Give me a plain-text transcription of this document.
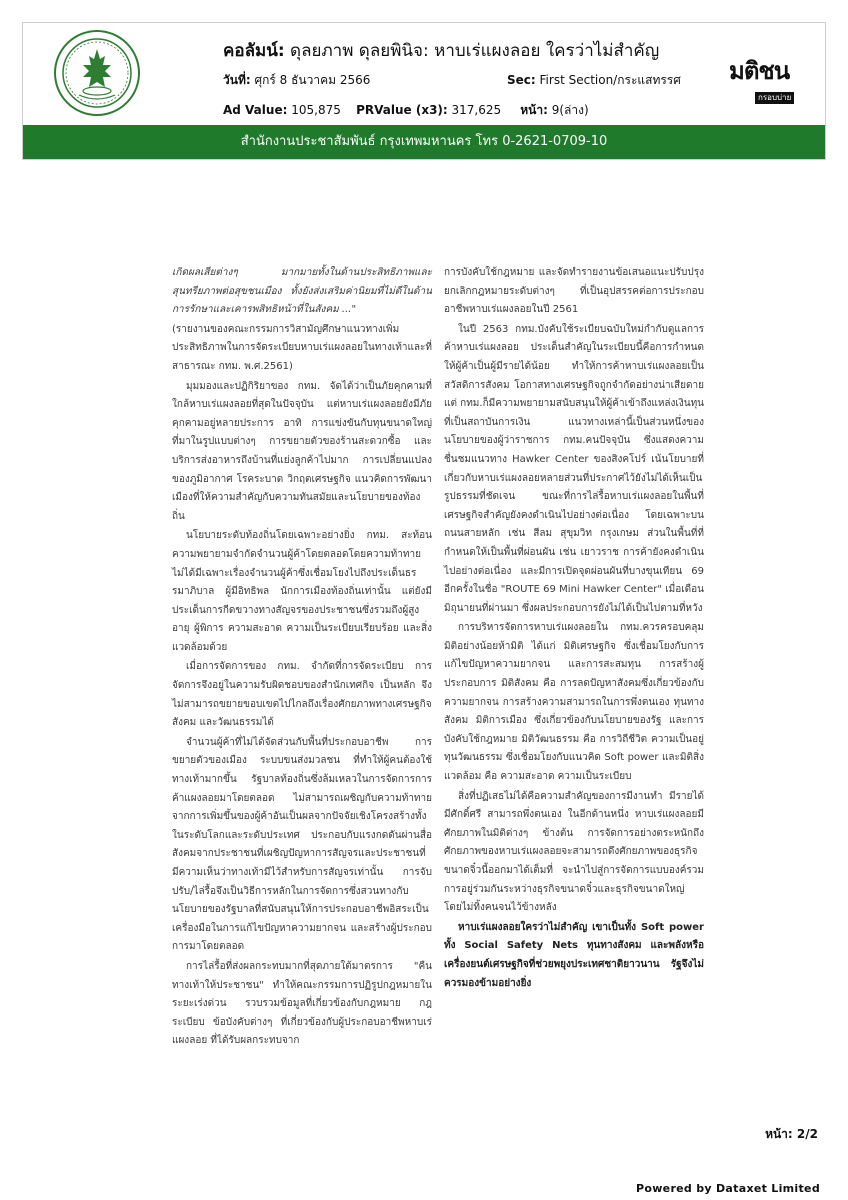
คอลัมน์: ดุลยภาพ ดุลยพินิจ: หาบเร่แผงลอย ใครว่าไม่สำคัญ
วันที่: ศุกร์ 8 ธันวาคม 2566	Sec: First Section/กระแสทรรศ
Ad Value: 105,875 PRValue (x3): 317,625 หน้า: 9(ล่าง)
มติชน
กรอบบ่าย
สำนักงานประชาสัมพันธ์ กรุงเทพมหานคร โทร 0-2621-0709-10

เกิดผลเสียต่างๆ มากมายทั้งในด้านประสิทธิภาพและสุนทรียภาพต่อสุขชนเมือง ทั้งยังส่งเสริมค่านิยมที่ไม่ดีในด้านการรักษาและเคารพสิทธิหน้าที่ในสังคม ..."

(รายงานของคณะกรรมการวิสามัญศึกษาแนวทางเพิ่มประสิทธิภาพในการจัดระเบียบหาบเร่แผงลอยในทางเท้าและที่สาธารณะ กทม. พ.ศ.2561)

มุมมองและปฏิกิริยาของ กทม. จัดได้ว่าเป็นภัยคุกคามที่ใกล้หาบเร่แผงลอยที่สุดในปัจจุบัน แต่หาบเร่แผงลอยยังมีภัยคุกคามอยู่หลายประการ อาทิ การแข่งขันกับทุนขนาดใหญ่ที่มาในรูปแบบต่างๆ การขยายตัวของร้านสะดวกซื้อ และบริการส่งอาหารถึงบ้านที่แย่งลูกค้าไปมาก การเปลี่ยนแปลงของภูมิอากาศ โรคระบาด วิกฤตเศรษฐกิจ แนวคิดการพัฒนาเมืองที่ให้ความสำคัญกับความทันสมัยและนโยบายของท้องถิ่น

นโยบายระดับท้องถิ่นโดยเฉพาะอย่างยิ่ง กทม. สะท้อนความพยายามจำกัดจำนวนผู้ค้าโดยตลอดโดยความท้าทายไม่ได้มีเฉพาะเรื่องจำนวนผู้ค้าซึ่งเชื่อมโยงไปถึงประเด็นธรรมาภิบาล ผู้มีอิทธิพล นักการเมืองท้องถิ่นเท่านั้น แต่ยังมีประเด็นการกีดขวางทางสัญจรของประชาชนซึ่งรวมถึงผู้สูงอายุ ผู้พิการ ความสะอาด ความเป็นระเบียบเรียบร้อย และสิ่งแวดล้อมด้วย

เมื่อการจัดการของ กทม. จำกัดที่การจัดระเบียบ การจัดการจึงอยู่ในความรับผิดชอบของสำนักเทศกิจ เป็นหลัก จึงไม่สามารถขยายขอบเขตไปไกลถึงเรื่องศักยภาพทางเศรษฐกิจ สังคม และวัฒนธรรมได้

จำนวนผู้ค้าที่ไม่ได้จัดส่วนกับพื้นที่ประกอบอาชีพ การขยายตัวของเมือง ระบบขนส่งมวลชน ที่ทำให้ผู้คนต้องใช้ทางเท้ามากขึ้น รัฐบาลท้องถิ่นซึ่งล้มเหลวในการจัดการการค้าแผงลอยมาโดยตลอด ไม่สามารถเผชิญกับความท้าทายจากการเพิ่มขึ้นของผู้ค้าอันเป็นผลจากปัจจัยเชิงโครงสร้างทั้งในระดับโลกและระดับประเทศ ประกอบกับแรงกดดันผ่านสื่อสังคมจากประชาชนที่เผชิญปัญหาการสัญจรและประชาชนที่มีความเห็นว่าทางเท้ามีไว้สำหรับการสัญจรเท่านั้น การจับปรับ/ไล่รื้อจึงเป็นวิธีการหลักในการจัดการซึ่งสวนทางกับนโยบายของรัฐบาลที่สนับสนุนให้การประกอบอาชีพอิสระเป็นเครื่องมือในการแก้ไขปัญหาความยากจน และสร้างผู้ประกอบการมาโดยตลอด

การไล่รื้อที่ส่งผลกระทบมากที่สุดภายใต้มาตรการ "คืนทางเท้าให้ประชาชน" ทำให้คณะกรรมการปฏิรูปกฎหมายในระยะเร่งด่วน รวบรวมข้อมูลที่เกี่ยวข้องกับกฎหมาย กฎระเบียบ ข้อบังคับต่างๆ ที่เกี่ยวข้องกับผู้ประกอบอาชีพหาบเร่แผงลอย ที่ได้รับผลกระทบจาก

การบังคับใช้กฎหมาย และจัดทำรายงานข้อเสนอแนะปรับปรุง ยกเลิกกฎหมายระดับต่างๆ ที่เป็นอุปสรรคต่อการประกอบอาชีพหาบเร่แผงลอยในปี 2561

ในปี 2563 กทม.บังคับใช้ระเบียบฉบับใหม่กำกับดูแลการค้าหาบเร่แผงลอย ประเด็นสำคัญในระเบียบนี้คือการกำหนดให้ผู้ค้าเป็นผู้มีรายได้น้อย ทำให้การค้าหาบเร่แผงลอยเป็นสวัสดิการสังคม โอกาสทางเศรษฐกิจถูกจำกัดอย่างน่าเสียดาย แต่ กทม.ก็มีความพยายามสนับสนุนให้ผู้ค้าเข้าถึงแหล่งเงินทุนที่เป็นสถาบันการเงิน แนวทางเหล่านี้เป็นส่วนหนึ่งของนโยบายของผู้ว่าราชการ กทม.คนปัจจุบัน ซึ่งแสดงความชื่นชมแนวทาง Hawker Center ของสิงคโปร์ เน้นโยบายที่เกี่ยวกับหาบเร่แผงลอยหลายส่วนที่ประกาศไว้ยังไม่ได้เห็นเป็นรูปธรรมที่ชัดเจน ขณะที่การไล่รื้อหาบเร่แผงลอยในพื้นที่เศรษฐกิจสำคัญยังคงดำเนินไปอย่างต่อเนื่อง โดยเฉพาะบนถนนสายหลัก เช่น สีลม สุขุมวิท กรุงเกษม ส่วนในพื้นที่ที่กำหนดให้เป็นพื้นที่ผ่อนผัน เช่น เยาวราช การค้ายังคงดำเนินไปอย่างต่อเนื่อง และมีการเปิดจุดผ่อนผันที่บางขุนเทียน 69 อีกครั้งในชื่อ "ROUTE 69 Mini Hawker Center" เมื่อเดือนมิถุนายนที่ผ่านมา ซึ่งผลประกอบการยังไม่ได้เป็นไปตามที่หวัง

การบริหารจัดการหาบเร่แผงลอยใน กทม.ควรครอบคลุมมิติอย่างน้อยห้ามิติ ได้แก่ มิติเศรษฐกิจ ซึ่งเชื่อมโยงกับการแก้ไขปัญหาความยากจน และการสะสมทุน การสร้างผู้ประกอบการ มิติสังคม คือ การลดปัญหาสังคมซึ่งเกี่ยวข้องกับความยากจน การสร้างความสามารถในการพึ่งตนเอง ทุนทางสังคม มิติการเมือง ซึ่งเกี่ยวข้องกับนโยบายของรัฐ และการบังคับใช้กฎหมาย มิติวัฒนธรรม คือ การวิถีชีวิต ความเป็นอยู่ ทุนวัฒนธรรม ซึ่งเชื่อมโยงกับแนวคิด Soft power และมิติสิ่งแวดล้อม คือ ความสะอาด ความเป็นระเบียบ

สิ่งที่ปฏิเสธไม่ได้คือความสำคัญของการมีงานทำ มีรายได้ มีศักดิ์ศรี สามารถพึ่งตนเอง ในอีกด้านหนึ่ง หาบเร่แผงลอยมีศักยภาพในมิติต่างๆ ข้างต้น การจัดการอย่างตระหนักถึงศักยภาพของหาบเร่แผงลอยจะสามารถดึงศักยภาพของธุรกิจขนาดจิ๋วนี้ออกมาได้เต็มที่ จะนำไปสู่การจัดการแบบองค์รวม การอยู่ร่วมกันระหว่างธุรกิจขนาดจิ๋วและธุรกิจขนาดใหญ่ โดยไม่ทิ้งคนจนไว้ข้างหลัง

หาบเร่แผงลอยใครว่าไม่สำคัญ เขาเป็นทั้ง Soft power ทั้ง Social Safety Nets ทุนทางสังคม และพลังหรือเครื่องยนต์เศรษฐกิจที่ช่วยพยุงประเทศชาติยาวนาน รัฐจึงไม่ควรมองข้ามอย่างยิ่ง

หน้า: 2/2
Powered by Dataxet Limited
